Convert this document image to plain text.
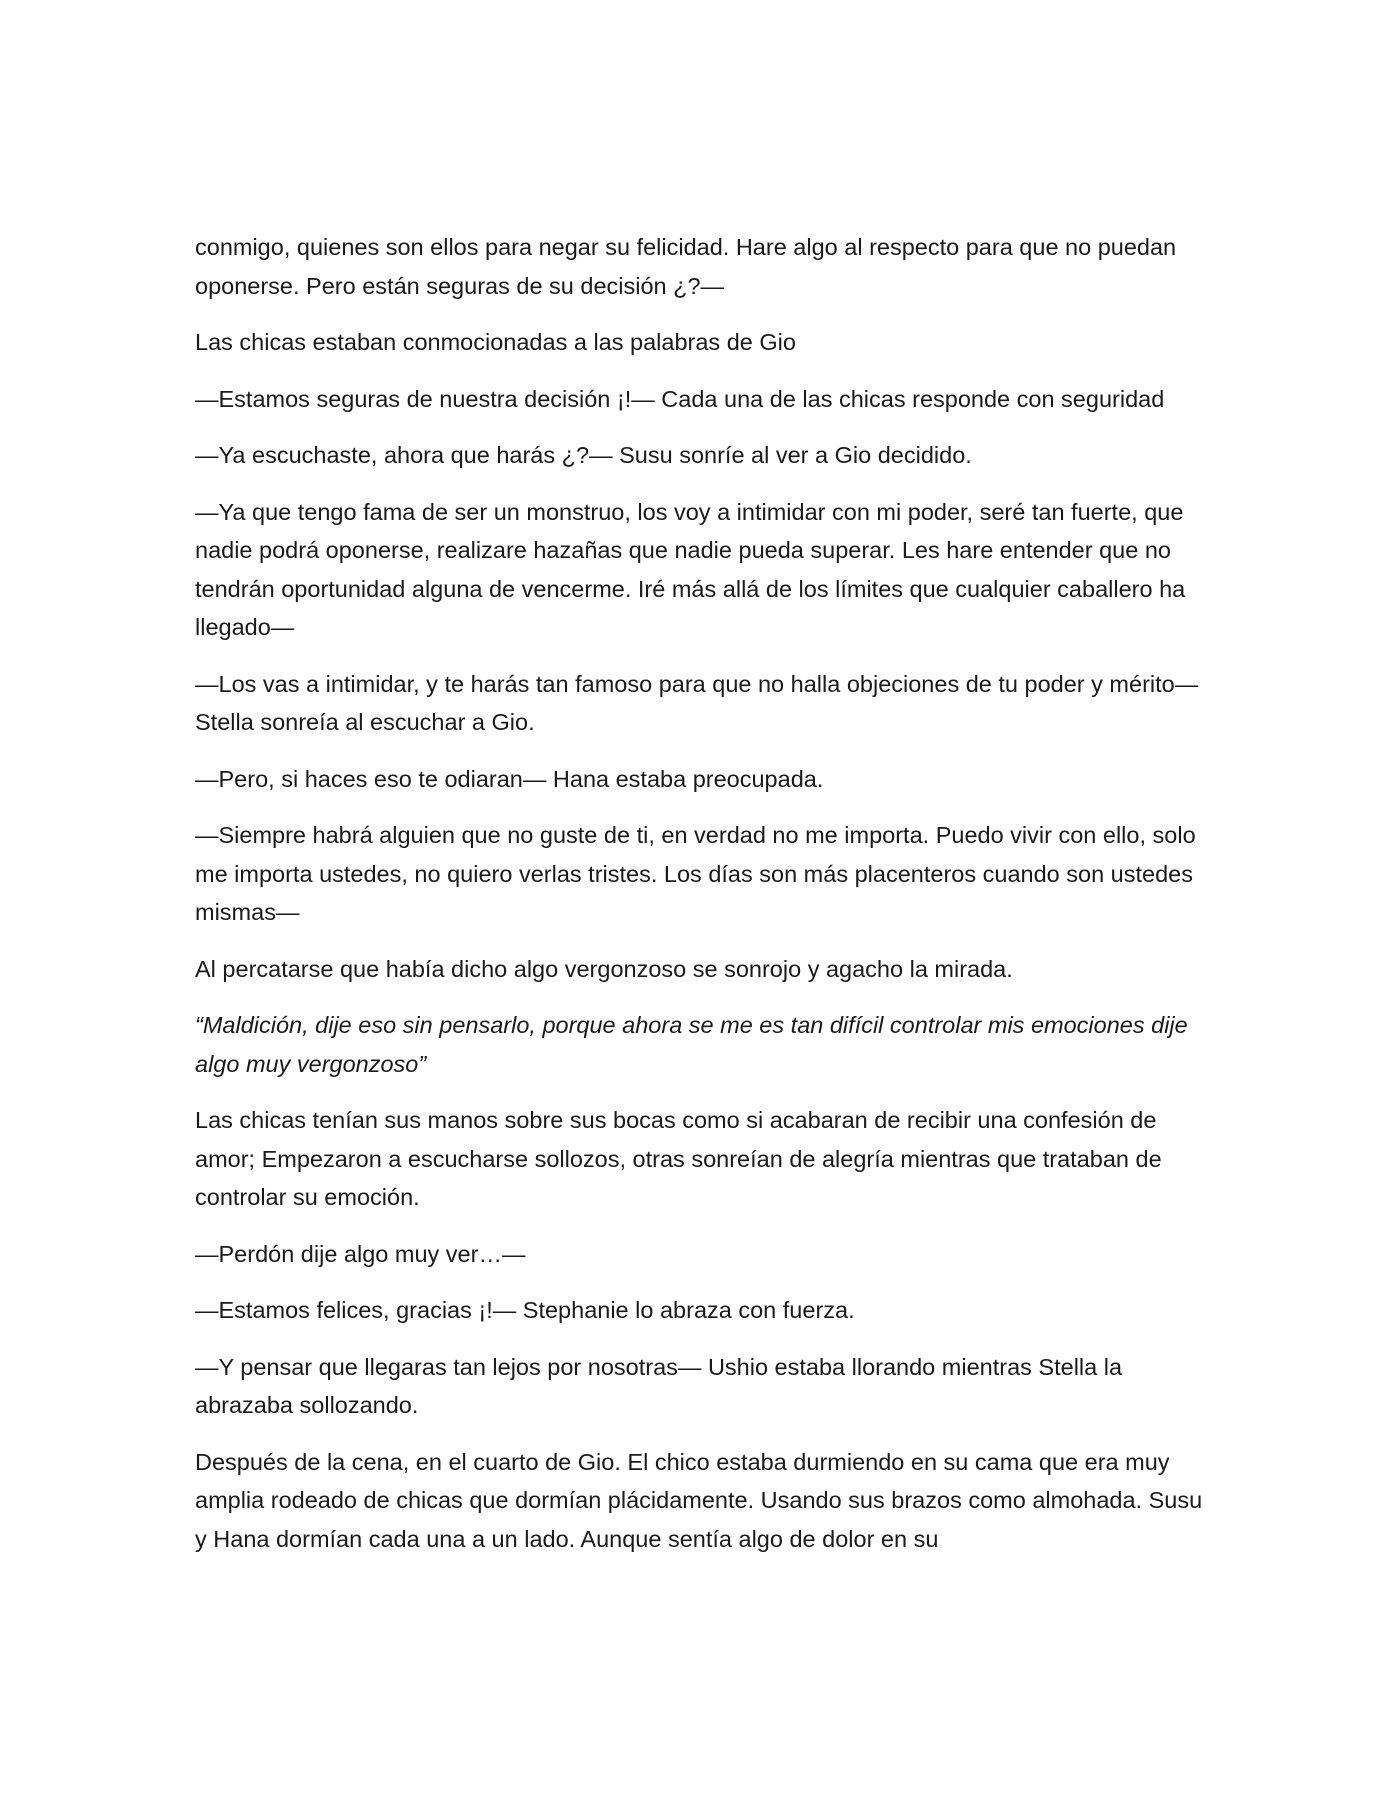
conmigo, quienes son ellos para negar su felicidad. Hare algo al respecto para que no puedan oponerse. Pero están seguras de su decisión ¿?—

Las chicas estaban conmocionadas a las palabras de Gio

—Estamos seguras de nuestra decisión ¡!— Cada una de las chicas responde con seguridad

—Ya escuchaste, ahora que harás ¿?— Susu sonríe al ver a Gio decidido.

—Ya que tengo fama de ser un monstruo, los voy a intimidar con mi poder, seré tan fuerte, que nadie podrá oponerse, realizare hazañas que nadie pueda superar. Les hare entender que no tendrán oportunidad alguna de vencerme. Iré más allá de los límites que cualquier caballero ha llegado—

—Los vas a intimidar, y te harás tan famoso para que no halla objeciones de tu poder y mérito— Stella sonreía al escuchar a Gio.

—Pero, si haces eso te odiaran— Hana estaba preocupada.

—Siempre habrá alguien que no guste de ti, en verdad no me importa. Puedo vivir con ello, solo me importa ustedes, no quiero verlas tristes. Los días son más placenteros cuando son ustedes mismas—

Al percatarse que había dicho algo vergonzoso se sonrojo y agacho la mirada.

“Maldición, dije eso sin pensarlo, porque ahora se me es tan difícil controlar mis emociones dije algo muy vergonzoso”

Las chicas tenían sus manos sobre sus bocas como si acabaran de recibir una confesión de amor; Empezaron a escucharse sollozos, otras sonreían de alegría mientras que trataban de controlar su emoción.

—Perdón dije algo muy ver…—

—Estamos felices, gracias ¡!— Stephanie lo abraza con fuerza.

—Y pensar que llegaras tan lejos por nosotras— Ushio estaba llorando mientras Stella la abrazaba sollozando.

Después de la cena, en el cuarto de Gio. El chico estaba durmiendo en su cama que era muy amplia rodeado de chicas que dormían plácidamente. Usando sus brazos como almohada. Susu y Hana dormían cada una a un lado. Aunque sentía algo de dolor en su
